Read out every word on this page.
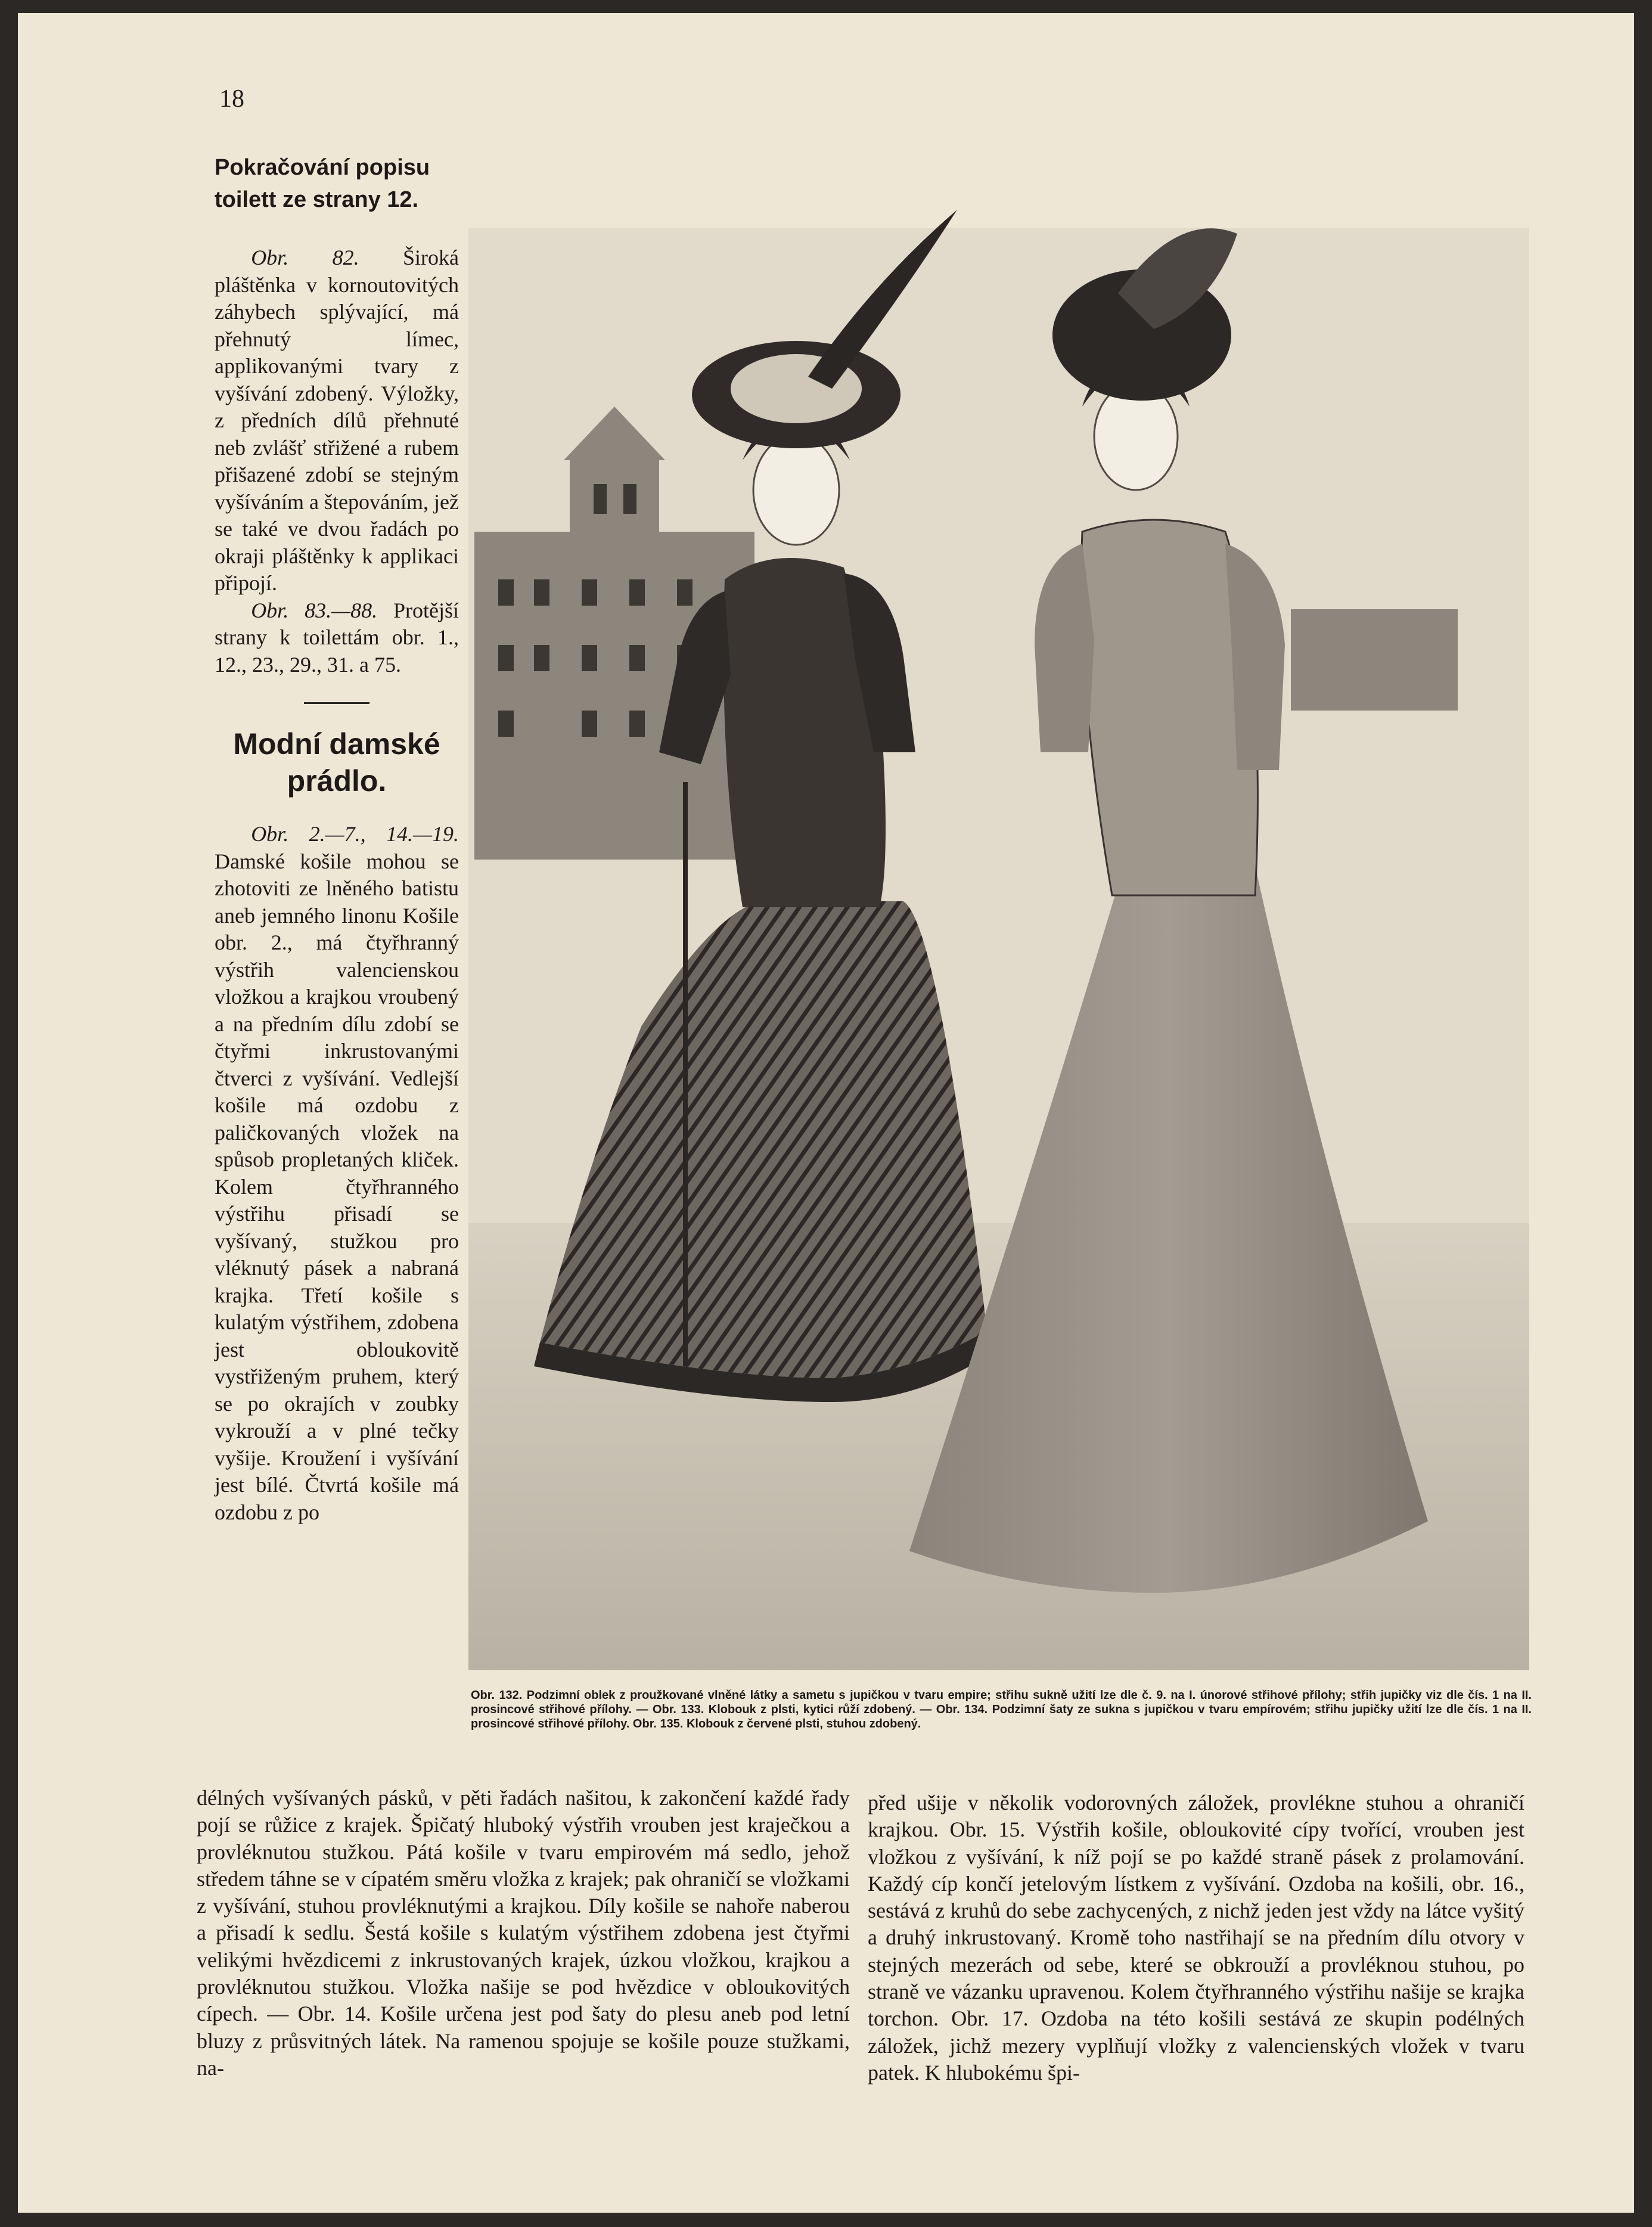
18

Pokračování popisu toilett ze strany 12.

Obr. 82. Široká pláštěnka v kornoutovitých záhybech splývající, má přehnutý límec, applikovanými tvary z vyšívání zdobený. Výložky, z předních dílů přehnuté neb zvlášť střižené a rubem přišazené zdobí se stejným vyšíváním a štepováním, jež se také ve dvou řadách po okraji pláštěnky k applikaci připojí.

Obr. 83.—88. Protější strany k toilettám obr. 1., 12., 23., 29., 31. a 75.

Modní damské prádlo.

Obr. 2.—7., 14.—19. Damské košile mohou se zhotoviti ze lněného batistu aneb jemného linonu Košile obr. 2., má čtyřhranný výstřih valencienskou vložkou a krajkou vroubený a na předním dílu zdobí se čtyřmi inkrustovanými čtverci z vyšívání. Vedlejší košile má ozdobu z paličkovaných vložek na spůsob propletaných kliček. Kolem čtyřhranného výstřihu přisadí se vyšívaný, stužkou pro vléknutý pásek a nabraná krajka. Třetí košile s kulatým výstřihem, zdobena jest obloukovitě vystřiženým pruhem, který se po okrajích v zoubky vykrouží a v plné tečky vyšije. Kroužení i vyšívání jest bílé. Čtvrtá košile má ozdobu z po

Obr. 132. Podzimní oblek z proužkované vlněné látky a sametu s jupičkou v tvaru empire; střihu sukně užití lze dle č. 9. na I. únorové střihové přílohy; střih jupičky viz dle čís. 1 na II. prosincové střihové přílohy. — Obr. 133. Klobouk z plsti, kytici růží zdobený. — Obr. 134. Podzimní šaty ze sukna s jupičkou v tvaru empírovém; střihu jupičky užití lze dle čís. 1 na II. prosincové střihové přílohy. Obr. 135. Klobouk z červené plsti, stuhou zdobený.

délných vyšívaných pásků, v pěti řadách našitou, k zakončení každé řady pojí se růžice z krajek. Špičatý hluboký výstřih vrouben jest kraječkou a provléknutou stužkou. Pátá košile v tvaru empirovém má sedlo, jehož středem táhne se v cípatém směru vložka z krajek; pak ohraničí se vložkami z vyšívání, stuhou provléknutými a krajkou. Díly košile se nahoře naberou a přisadí k sedlu. Šestá košile s kulatým výstřihem zdobena jest čtyřmi velikými hvězdicemi z inkrustovaných krajek, úzkou vložkou, krajkou a provléknutou stužkou. Vložka našije se pod hvězdice v obloukovitých cípech. — Obr. 14. Košile určena jest pod šaty do plesu aneb pod letní bluzy z průsvitných látek. Na ramenou spojuje se košile pouze stužkami, na-

před ušije v několik vodorovných záložek, provlékne stuhou a ohraničí krajkou. Obr. 15. Výstřih košile, obloukovité cípy tvořící, vrouben jest vložkou z vyšívání, k níž pojí se po každé straně pásek z prolamování. Každý cíp končí jetelovým lístkem z vyšívání. Ozdoba na košili, obr. 16., sestává z kruhů do sebe zachycených, z nichž jeden jest vždy na látce vyšitý a druhý inkrustovaný. Kromě toho nastřihají se na předním dílu otvory v stejných mezerách od sebe, které se obkrouží a provléknou stuhou, po straně ve vázanku upravenou. Kolem čtyřhranného výstřihu našije se krajka torchon. Obr. 17. Ozdoba na této košili sestává ze skupin podélných záložek, jichž mezery vyplňují vložky z valencienských vložek v tvaru patek. K hlubokému špi-
